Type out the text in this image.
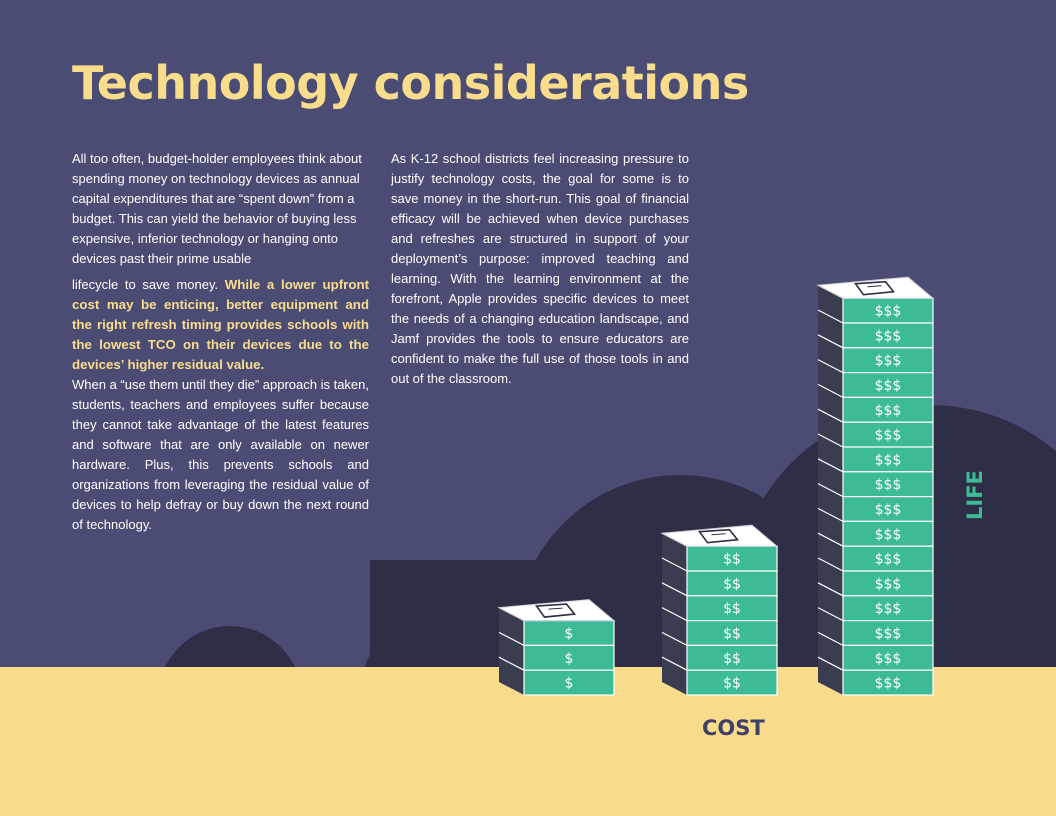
$
$
$
$$
$$
$$
$$
$$
$$
$$$
$$$
$$$
$$$
$$$
$$$
$$$
$$$
$$$
$$$
$$$
$$$
$$$
$$$
$$$
$$$
Technology considerations

All too often, budget-holder employees think about spending money on technology devices as annual capital expenditures that are “spent down” from a budget. This can yield the behavior of buying less expensive, inferior technology or hanging onto devices past their prime usable

lifecycle to save money. While a lower upfront cost may be enticing, better equipment and the right refresh timing provides schools with the lowest TCO on their devices due to the devices’ higher residual value.

When a “use them until they die” approach is taken, students, teachers and employees suffer because they cannot take advantage of the latest features and software that are only available on newer hardware. Plus, this prevents schools and organizations from leveraging the residual value of devices to help defray or buy down the next round of technology.

As K-12 school districts feel increasing pressure to justify technology costs, the goal for some is to save money in the short-run. This goal of financial efficacy will be achieved when device purchases and refreshes are structured in support of your deployment’s purpose: improved teaching and learning. With the learning environment at the forefront, Apple provides specific devices to meet the needs of a changing education landscape, and Jamf provides the tools to ensure educators are confident to make the full use of those tools in and out of the classroom.

COST
LIFE
